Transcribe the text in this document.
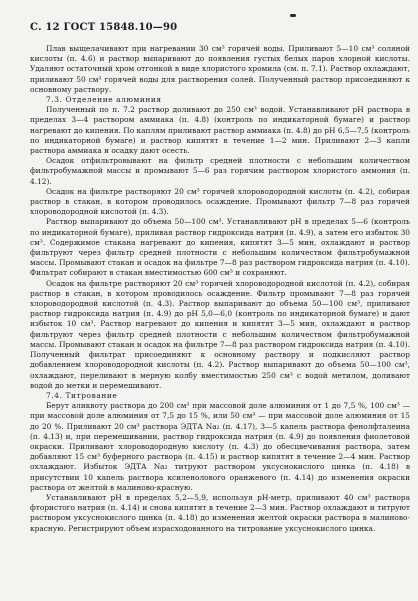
С. 12 ГОСТ 15848.10—90

Плав выщелачивают при нагревании 30 см³ горячей воды. Приливают 5—10 см³ соляной кислоты (п. 4.6) и раствор выпаривают до появления густых белых паров хлорной кислоты. Удаляют остаточный хром отгонкой в виде хлористого хромила (см. п. 7.1). Раствор охлаждают, приливают 50 см³ горячей воды для растворения солей. Полученный раствор присоединяют к основному раствору.

7.3. Отделение алюминия

Полученный по п. 7.2 раствор доливают до 250 см³ водой. Устанавливают pH раствора в пределах 3—4 раствором аммиака (п. 4.8) (контроль по индикаторной бумаге) и раствор нагревают до кипения. По каплям приливают раствор аммиака (п. 4.8) до pH 6,5—7,5 (контроль по индикаторной бумаге) и раствор кипятят в течение 1—2 мин. Приливают 2—3 капли раствора аммиака и осадку дают осесть.

Осадок отфильтровывают на фильтр средней плотности с небольшим количеством фильтробумажной массы и промывают 5—6 раз горячим раствором хлористого аммония (п. 4.12).

Осадок на фильтре растворяют 20 см³ горячей хлороводородной кислоты (п. 4.2), собирая раствор в стакан, в котором проводилось осаждение. Промывают фильтр 7—8 раз горячей хлороводородной кислотой (п. 4.3).

Раствор выпаривают до объема 50—100 см³. Устанавливают pH в пределах 5—6 (контроль по индикаторной бумаге), приливая раствор гидроксида натрия (п. 4.9), а затем его избыток 30 см³. Содержимое стакана нагревают до кипения, кипятят 3—5 мин, охлаждают и раствор фильтруют через фильтр средней плотности с небольшим количеством фильтробумажной массы. Промывают стакан и осадок на фильтре 7—8 раз раствором гидроксида натрия (п. 4.10). Фильтрат собирают в стакан вместимостью 600 см³ и сохраняют.

Осадок на фильтре растворяют 20 см³ горячей хлороводородной кислотой (п. 4.2), собирая раствор в стакан, в котором проводилось осаждение. Фильтр промывают 7—8 раз горячей хлороводородной кислотой (п. 4.3). Раствор выпаривают до объема 50—100 см³, приливают раствор гидроксида натрия (п. 4.9) до pH 5,0—6,0 (контроль по индикаторной бумаге) и дают избыток 10 см³. Раствор нагревают до кипения и кипятят 3—5 мин, охлаждают и раствор фильтруют через фильтр средней плотности с небольшим количеством фильтробумажной массы. Промывают стакан и осадок на фильтре 7—8 раз раствором гидроксида натрия (п. 4.10). Полученный фильтрат присоединяют к основному раствору и подкисляют раствор добавлением хлороводородной кислоты (п. 4.2). Раствор выпаривают до объема 50—100 см³, охлаждают, переливают в мерную колбу вместимостью 250 см³ с водой метилом, доливают водой до метки и перемешивают.

7.4. Титрование

Берут аликвоту раствора до 200 см³ при массовой доле алюминия от 1 до 7,5 %, 100 см³ — при массовой доле алюминия от 7,5 до 15 %, или 50 см³ — при массовой доле алюминия от 15 до 20 %. Приливают 20 см³ раствора ЭДТА Na₂ (п. 4.17), 3—5 капель раствора фенолфталеина (п. 4.13) и, при перемешивании, раствор гидроксида натрия (п. 4.9) до появления фиолетовой окраски. Приливают хлороводородную кислоту (п. 4.3) до обесцвечивания раствора, затем добавляют 15 см³ буферного раствора (п. 4.15) и раствор кипятят в течение 2—4 мин. Раствор охлаждают. Избыток ЭДТА Na₂ титруют раствором уксуснокислого цинка (п. 4.18) в присутствии 10 капель раствора ксиленолового оранжевого (п. 4.14) до изменения окраски раствора от желтой в малиново-красную.

Устанавливают pH в пределах 5,2—5,9, используя pH-метр, приливают 40 см³ раствора фтористого натрия (п. 4.14) и снова кипятят в течение 2—3 мин. Раствор охлаждают и титруют раствором уксуснокислого цинка (п. 4.18) до изменения желтой окраски раствора в малиново-красную. Регистрируют объем израсходованного на титрование уксуснокислого цинка.
